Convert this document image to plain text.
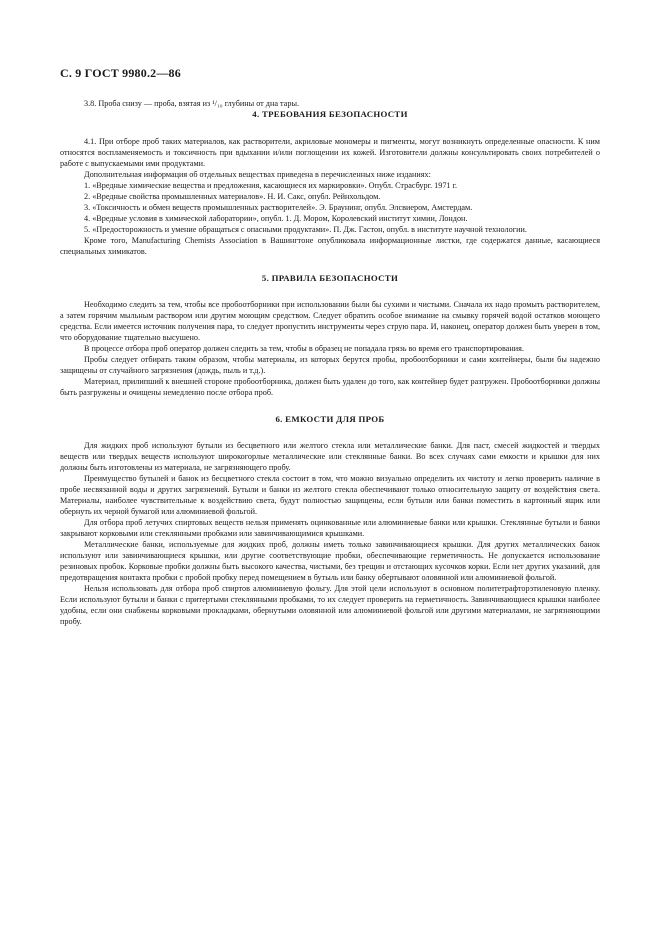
С. 9 ГОСТ 9980.2—86

3.8. Проба снизу — проба, взятая из ¹/₁₀ глубины от дна тары.

4. ТРЕБОВАНИЯ БЕЗОПАСНОСТИ

4.1. При отборе проб таких материалов, как растворители, акриловые мономеры и пигменты, могут возникнуть определенные опасности. К ним относятся воспламеняемость и токсичность при вдыхании и/или поглощении их кожей. Изготовители должны консультировать своих потребителей о работе с выпускаемыми ими продуктами.

Дополнительная информация об отдельных веществах приведена в перечисленных ниже изданиях:

1. «Вредные химические вещества и предложения, касающиеся их маркировки». Опубл. Страсбург. 1971 г.

2. «Вредные свойства промышленных материалов». Н. И. Сакс, опубл. Рейнхольдом.

3. «Токсичность и обмен веществ промышленных растворителей». Э. Браунинг, опубл. Элсвиером, Амстердам.

4. «Вредные условия в химической лаборатории», опубл. 1. Д. Мором, Королевский институт химии, Лондон.

5. «Предосторожность и умение обращаться с опасными продуктами». П. Дж. Гастон, опубл. в институте научной технологии.

Кроме того, Manufacturing Chemists Association в Вашингтоне опубликовала информационные листки, где содержатся данные, касающиеся специальных химикатов.

5. ПРАВИЛА БЕЗОПАСНОСТИ

Необходимо следить за тем, чтобы все пробоотборники при использовании были бы сухими и чистыми. Сначала их надо промыть растворителем, а затем горячим мыльным раствором или другим моющим средством. Следует обратить особое внимание на смывку горячей водой остатков моющего средства. Если имеется источник получения пара, то следует пропустить инструменты через струю пара. И, наконец, оператор должен быть уверен в том, что оборудование тщательно высушено.

В процессе отбора проб оператор должен следить за тем, чтобы в образец не попадала грязь во время его транспортирования.

Пробы следует отбирать таким образом, чтобы материалы, из которых берутся пробы, пробоотборники и сами контейнеры, были бы надежно защищены от случайного загрязнения (дождь, пыль и т.д.).

Материал, прилипший к внешней стороне пробоотборника, должен быть удален до того, как контейнер будет разгружен. Пробоотборники должны быть разгружены и очищены немедленно после отбора проб.

6. ЕМКОСТИ ДЛЯ ПРОБ

Для жидких проб используют бутыли из бесцветного или желтого стекла или металлические банки. Для паст, смесей жидкостей и твердых веществ или твердых веществ используют широкогорлые металлические или стеклянные банки. Во всех случаях сами емкости и крышки для них должны быть изготовлены из материала, не загрязняющего пробу.

Преимущество бутылей и банок из бесцветного стекла состоит в том, что можно визуально определить их чистоту и легко проверить наличие в пробе несвязанной воды и других загрязнений. Бутыли и банки из желтого стекла обеспечивают только относительную защиту от воздействия света. Материалы, наиболее чувствительные к воздействию света, будут полностью защищены, если бутыли или банки поместить в картонный ящик или обернуть их черной бумагой или алюминиевой фольгой.

Для отбора проб летучих спиртовых веществ нельзя применять оцинкованные или алюминиевые банки или крышки. Стеклянные бутыли и банки закрывают корковыми или стеклянными пробками или завинчивающимися крышками.

Металлические банки, используемые для жидких проб, должны иметь только завинчивающиеся крышки. Для других металлических банок используют или завинчивающиеся крышки, или другие соответствующие пробки, обеспечивающие герметичность. Не допускается использование резиновых пробок. Корковые пробки должны быть высокого качества, чистыми, без трещин и отстающих кусочков корки. Если нет других указаний, для предотвращения контакта пробки с пробой пробку перед помещением в бутыль или банку обертывают оловянной или алюминиевой фольгой.

Нельзя использовать для отбора проб спиртов алюминиевую фольгу. Для этой цели используют в основном политетрафторэтиленовую пленку. Если используют бутыли и банки с притертыми стеклянными пробками, то их следует проверить на герметичность. Завинчивающиеся крышки наиболее удобны, если они снабжены корковыми прокладками, обернутыми оловянной или алюминиевой фольгой или другими материалами, не загрязняющими пробу.
